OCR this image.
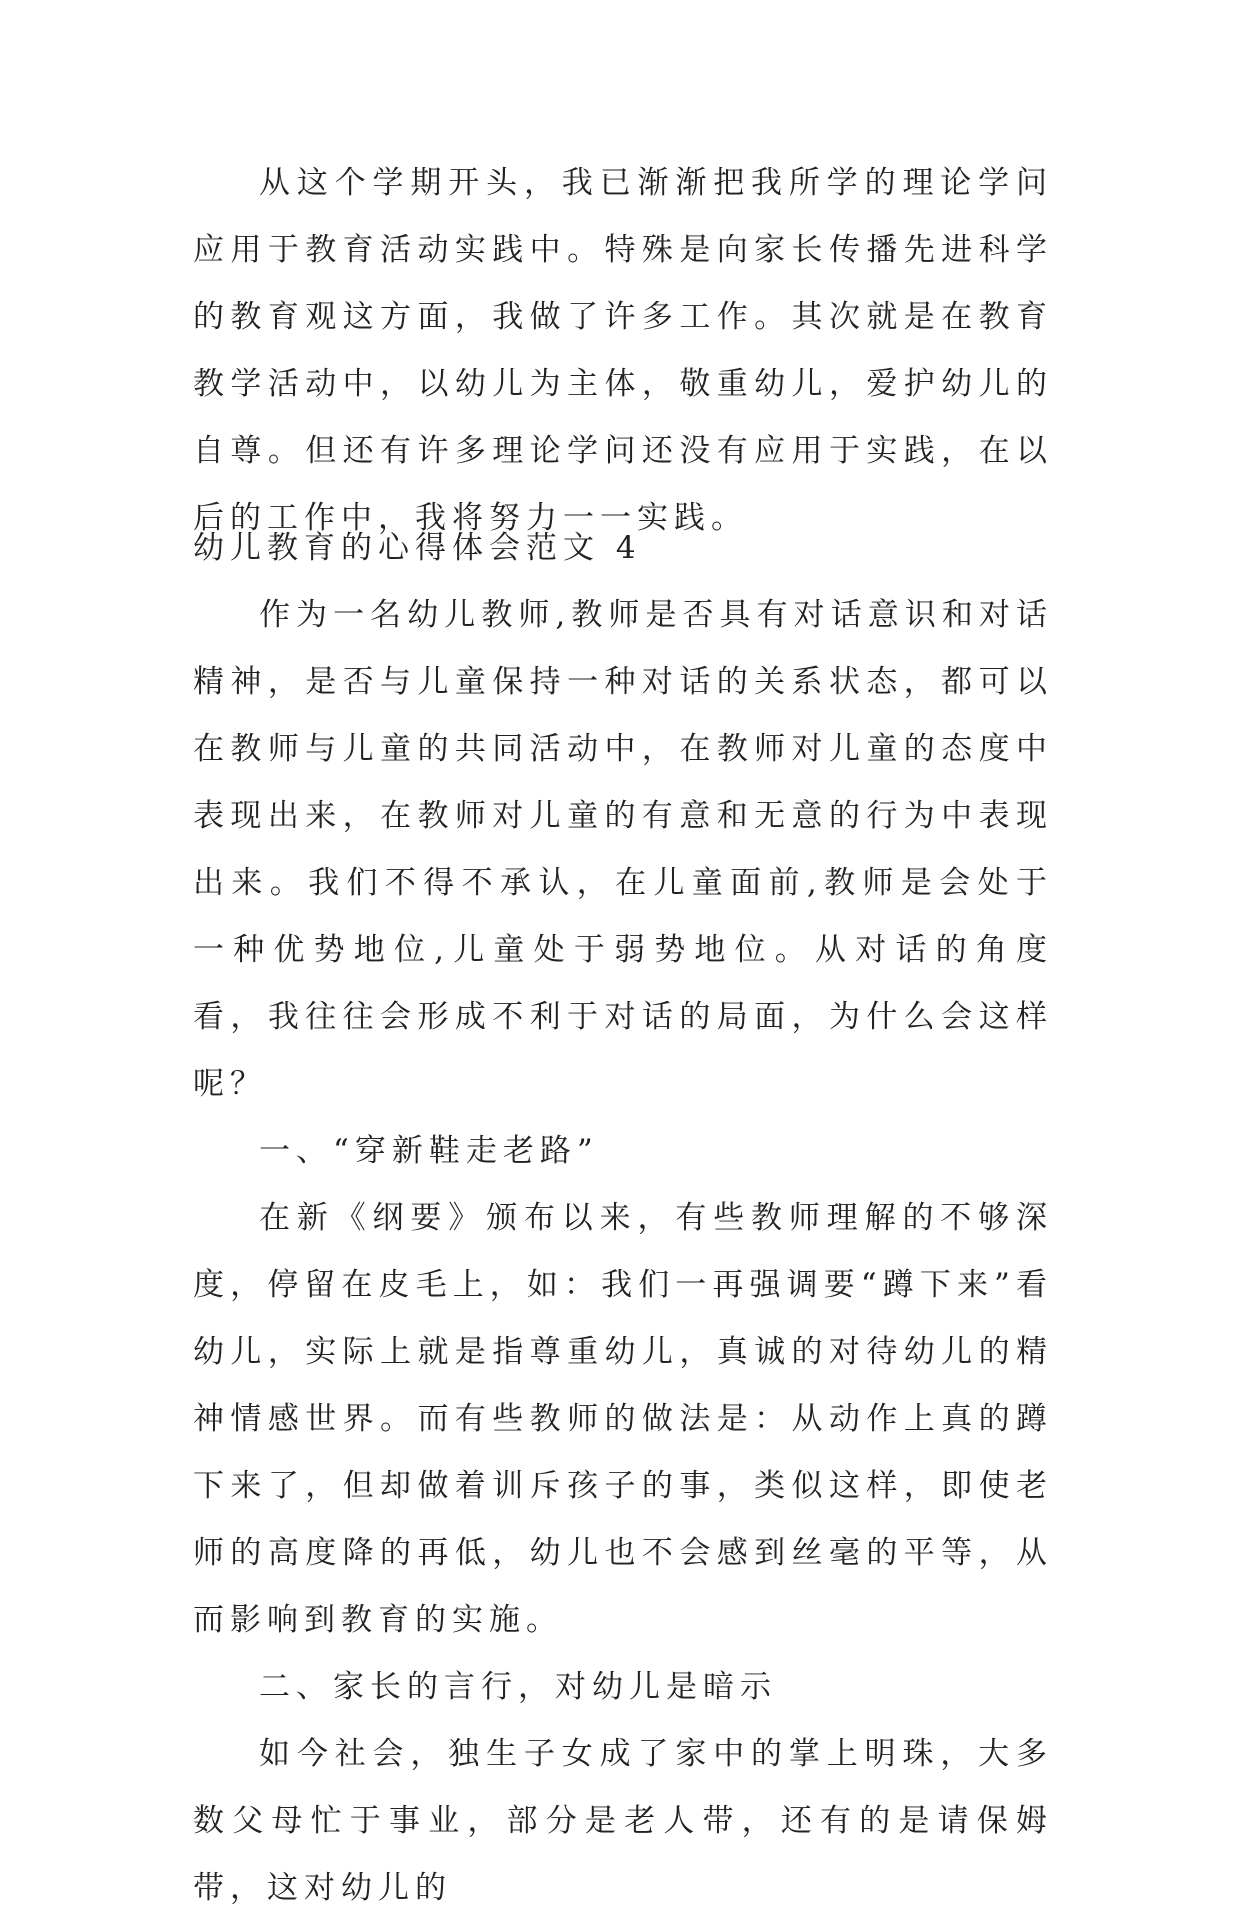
从这个学期开头，我已渐渐把我所学的理论学问应用于教育活动实践中。特殊是向家长传播先进科学的教育观这方面，我做了许多工作。其次就是在教育教学活动中，以幼儿为主体，敬重幼儿，爱护幼儿的自尊。但还有许多理论学问还没有应用于实践，在以后的工作中，我将努力一一实践。

幼儿教育的心得体会范文 4

作为一名幼儿教师,教师是否具有对话意识和对话精神，是否与儿童保持一种对话的关系状态，都可以在教师与儿童的共同活动中，在教师对儿童的态度中表现出来，在教师对儿童的有意和无意的行为中表现出来。我们不得不承认，在儿童面前,教师是会处于一种优势地位,儿童处于弱势地位。从对话的角度看，我往往会形成不利于对话的局面，为什么会这样呢？

一、“穿新鞋走老路”

在新《纲要》颁布以来，有些教师理解的不够深度，停留在皮毛上，如：我们一再强调要“蹲下来”看幼儿，实际上就是指尊重幼儿，真诚的对待幼儿的精神情感世界。而有些教师的做法是：从动作上真的蹲下来了，但却做着训斥孩子的事，类似这样，即使老师的高度降的再低，幼儿也不会感到丝毫的平等，从而影响到教育的实施。

二、家长的言行，对幼儿是暗示

如今社会，独生子女成了家中的掌上明珠，大多数父母忙于事业，部分是老人带，还有的是请保姆带，这对幼儿的
